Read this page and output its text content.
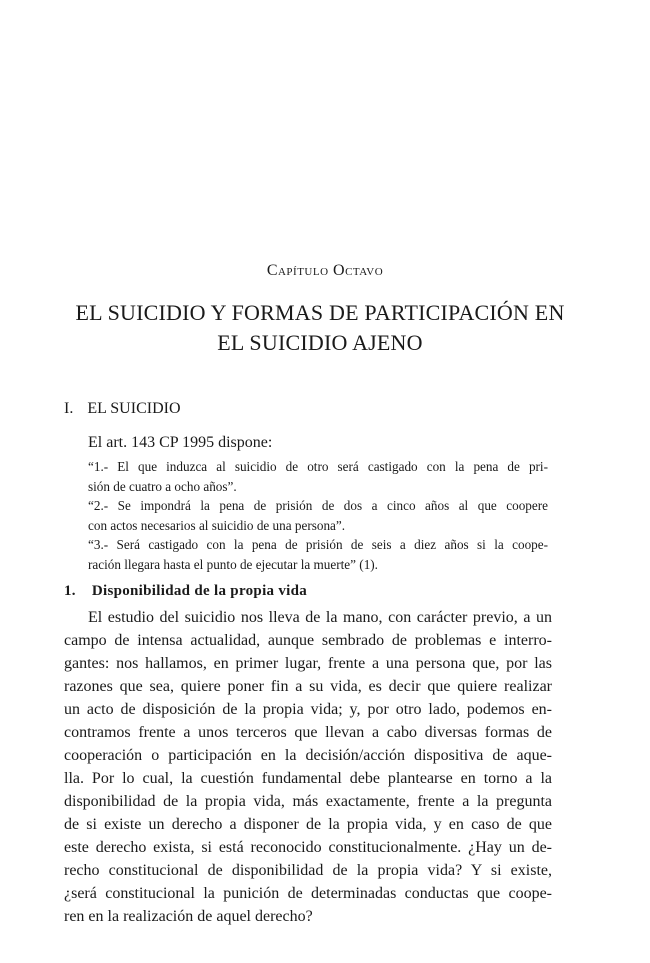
Capítulo Octavo
EL SUICIDIO Y FORMAS DE PARTICIPACIÓN EN
EL SUICIDIO AJENO
I. EL SUICIDIO
El art. 143 CP 1995 dispone:
“1.- El que induzca al suicidio de otro será castigado con la pena de pri-
sión de cuatro a ocho años”.
“2.- Se impondrá la pena de prisión de dos a cinco años al que coopere
con actos necesarios al suicidio de una persona”.
“3.- Será castigado con la pena de prisión de seis a diez años si la coope-
ración llegara hasta el punto de ejecutar la muerte” (1).
1. Disponibilidad de la propia vida
El estudio del suicidio nos lleva de la mano, con carácter previo, a un
campo de intensa actualidad, aunque sembrado de problemas e interro-
gantes: nos hallamos, en primer lugar, frente a una persona que, por las
razones que sea, quiere poner fin a su vida, es decir que quiere realizar
un acto de disposición de la propia vida; y, por otro lado, podemos en-
contramos frente a unos terceros que llevan a cabo diversas formas de
cooperación o participación en la decisión/acción dispositiva de aque-
lla. Por lo cual, la cuestión fundamental debe plantearse en torno a la
disponibilidad de la propia vida, más exactamente, frente a la pregunta
de si existe un derecho a disponer de la propia vida, y en caso de que
este derecho exista, si está reconocido constitucionalmente. ¿Hay un de-
recho constitucional de disponibilidad de la propia vida? Y si existe,
¿será constitucional la punición de determinadas conductas que coope-
ren en la realización de aquel derecho?
